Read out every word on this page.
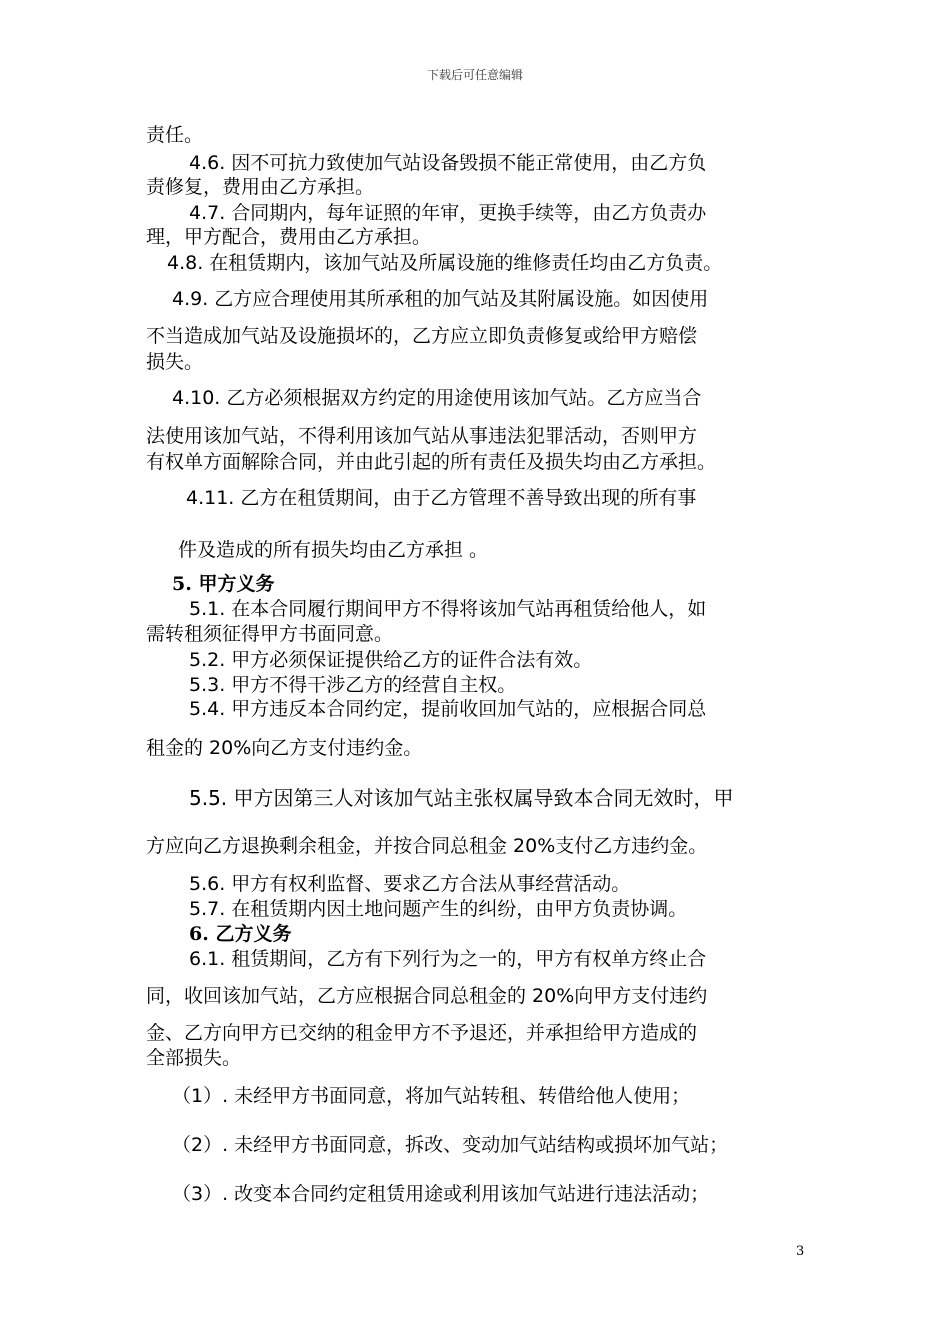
下载后可任意编辑
责任。
4.6. 因不可抗力致使加气站设备毁损不能正常使用，由乙方负
责修复，费用由乙方承担。
4.7. 合同期内，每年证照的年审，更换手续等，由乙方负责办
理，甲方配合，费用由乙方承担。
4.8. 在租赁期内，该加气站及所属设施的维修责任均由乙方负责。
4.9. 乙方应合理使用其所承租的加气站及其附属设施。如因使用
不当造成加气站及设施损坏的，乙方应立即负责修复或给甲方赔偿
损失。
4.10. 乙方必须根据双方约定的用途使用该加气站。乙方应当合
法使用该加气站，不得利用该加气站从事违法犯罪活动，否则甲方
有权单方面解除合同，并由此引起的所有责任及损失均由乙方承担。
4.11. 乙方在租赁期间，由于乙方管理不善导致出现的所有事
件及造成的所有损失均由乙方承担 。
5. 甲方义务
5.1. 在本合同履行期间甲方不得将该加气站再租赁给他人，如
需转租须征得甲方书面同意。
5.2. 甲方必须保证提供给乙方的证件合法有效。
5.3. 甲方不得干涉乙方的经营自主权。
5.4. 甲方违反本合同约定，提前收回加气站的，应根据合同总
租金的 20%向乙方支付违约金。
5.5. 甲方因第三人对该加气站主张权属导致本合同无效时，甲
方应向乙方退换剩余租金，并按合同总租金 20%支付乙方违约金。
5.6. 甲方有权利监督、要求乙方合法从事经营活动。
5.7. 在租赁期内因土地问题产生的纠纷，由甲方负责协调。
6. 乙方义务
6.1. 租赁期间，乙方有下列行为之一的，甲方有权单方终止合
同，收回该加气站，乙方应根据合同总租金的 20%向甲方支付违约
金、乙方向甲方已交纳的租金甲方不予退还，并承担给甲方造成的
全部损失。
（1）. 未经甲方书面同意，将加气站转租、转借给他人使用；
（2）. 未经甲方书面同意，拆改、变动加气站结构或损坏加气站；
（3）. 改变本合同约定租赁用途或利用该加气站进行违法活动；
3
